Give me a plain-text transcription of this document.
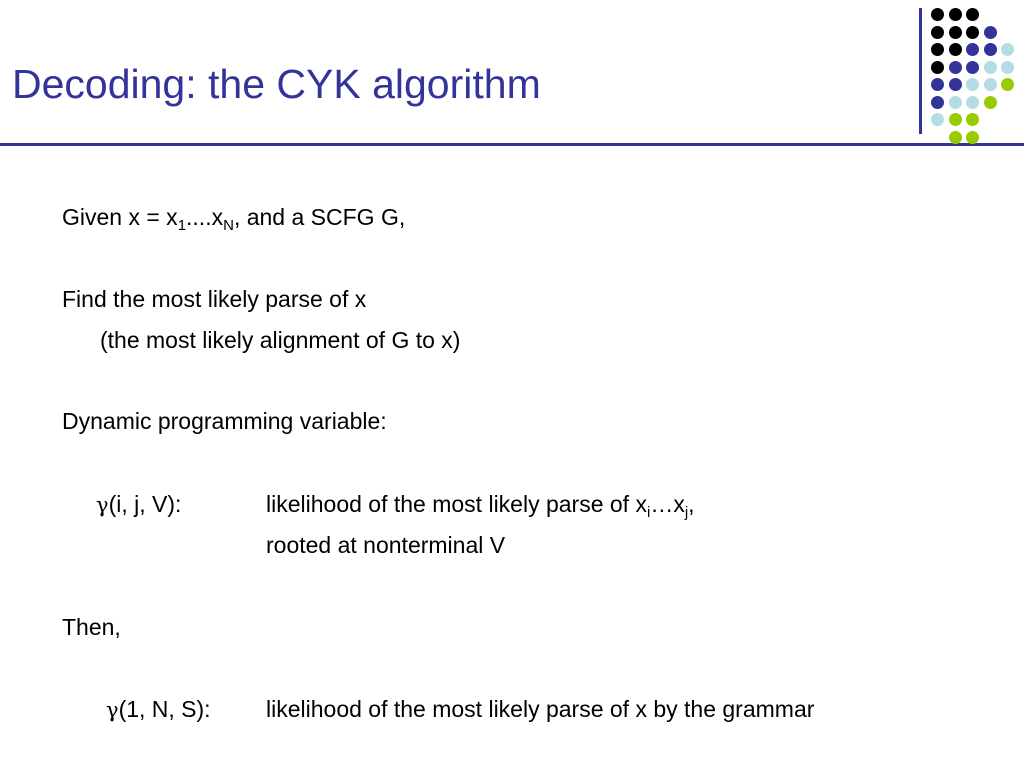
Decoding: the CYK algorithm
Given $x = x_1....x_N$, and a SCFG G,
Find the most likely parse of x
(the most likely alignment of G to x)
Dynamic programming variable:
γ(i, j, V):	likelihood of the most likely parse of $x_i\dots x_j$,
rooted at nonterminal V
Then,
γ(1, N, S): likelihood of the most likely parse of x by the grammar
